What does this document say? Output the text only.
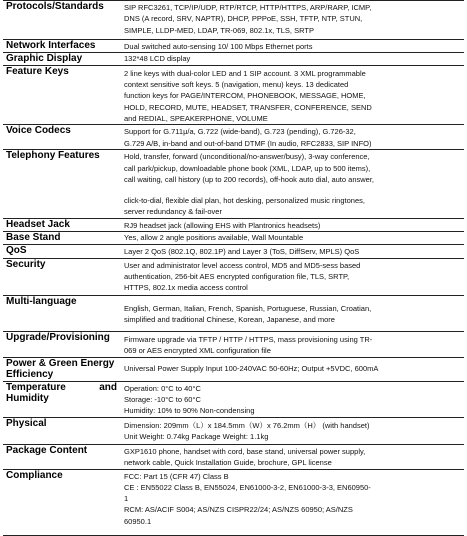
Protocols/Standards	SIP RFC3261, TCP/IP/UDP, RTP/RTCP, HTTP/HTTPS, ARP/RARP, ICMP,
DNS (A record, SRV, NAPTR), DHCP, PPPoE, SSH, TFTP, NTP, STUN,
SIMPLE, LLDP-MED, LDAP, TR-069, 802.1x, TLS, SRTP

Network Interfaces	Dual switched auto-sensing 10/ 100 Mbps Ethernet ports

Graphic Display	132*48 LCD display

Feature Keys	2 line keys with dual-color LED and 1 SIP account. 3 XML programmable
context sensitive soft keys. 5 (navigation, menu) keys. 13 dedicated
function keys for PAGE/INTERCOM, PHONEBOOK, MESSAGE, HOME,
HOLD, RECORD, MUTE, HEADSET, TRANSFER, CONFERENCE, SEND
and REDIAL, SPEAKERPHONE, VOLUME

Voice Codecs	Support for G.711μ/a, G.722 (wide-band), G.723 (pending), G.726-32,
G.729 A/B, in-band and out-of-band DTMF (In audio, RFC2833, SIP INFO)

Telephony Features	Hold, transfer, forward (unconditional/no-answer/busy), 3-way conference,
call park/pickup, downloadable phone book (XML, LDAP, up to 500 items),
call waiting, call history (up to 200 records), off-hook auto dial, auto answer,

	click-to-dial, flexible dial plan, hot desking, personalized music ringtones,
server redundancy & fail-over

Headset Jack	RJ9 headset jack (allowing EHS with Plantronics headsets)

Base Stand	Yes, allow 2 angle positions available, Wall Mountable

QoS	Layer 2 QoS (802.1Q, 802.1P) and Layer 3 (ToS, DiffServ, MPLS) QoS

Security	User and administrator level access control, MD5 and MD5-sess based
authentication, 256-bit AES encrypted configuration file, TLS, SRTP,
HTTPS, 802.1x media access control

Multi-language	English, German, Italian, French, Spanish, Portuguese, Russian, Croatian,
simplified and traditional Chinese, Korean, Japanese, and more

Upgrade/Provisioning	Firmware upgrade via TFTP / HTTP / HTTPS, mass provisioning using TR-
069 or AES encrypted XML configuration file

Power & Green Energy Efficiency	Universal Power Supply Input 100-240VAC 50-60Hz; Output +5VDC, 600mA

Temperature and Humidity	Operation: 0°C to 40°C
Storage: -10°C to 60°C
Humidity: 10% to 90% Non-condensing

Physical	Dimension: 209mm（L）x 184.5mm（W）x 76.2mm（H） (with handset)
Unit Weight: 0.74kg Package Weight: 1.1kg

Package Content	GXP1610 phone, handset with cord, base stand, universal power supply,
network cable, Quick Installation Guide, brochure, GPL license

Compliance	FCC: Part 15 (CFR 47) Class B
CE : EN55022 Class B, EN55024, EN61000-3-2, EN61000-3-3, EN60950-
1
RCM: AS/ACIF S004; AS/NZS CISPR22/24; AS/NZS 60950; AS/NZS
60950.1
